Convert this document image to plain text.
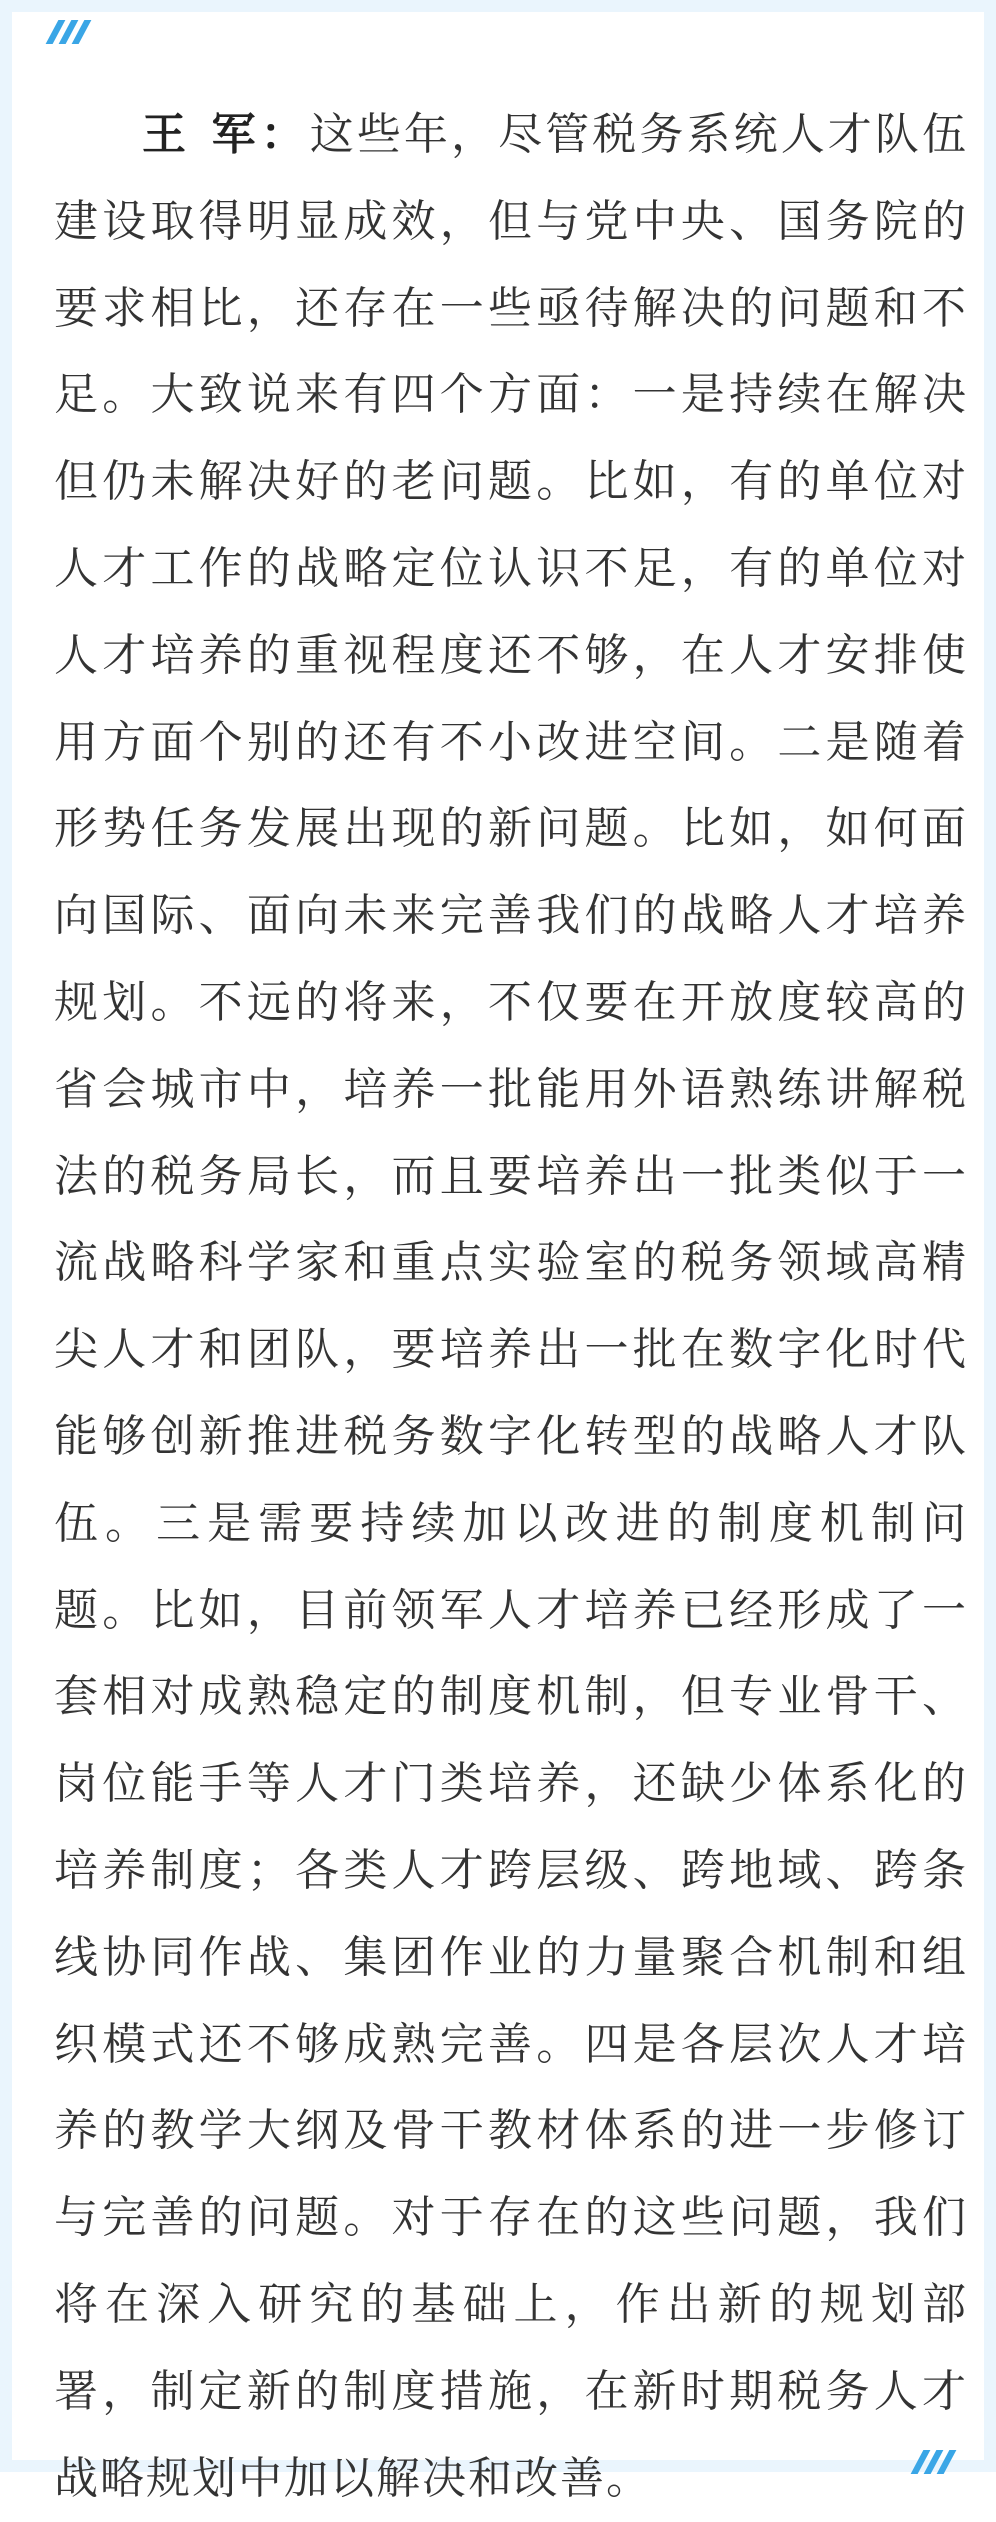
王 军：这些年，尽管税务系统人才队伍建设取得明显成效，但与党中央、国务院的要求相比，还存在一些亟待解决的问题和不足。大致说来有四个方面：一是持续在解决但仍未解决好的老问题。比如，有的单位对人才工作的战略定位认识不足，有的单位对人才培养的重视程度还不够，在人才安排使用方面个别的还有不小改进空间。二是随着形势任务发展出现的新问题。比如，如何面向国际、面向未来完善我们的战略人才培养规划。不远的将来，不仅要在开放度较高的省会城市中，培养一批能用外语熟练讲解税法的税务局长，而且要培养出一批类似于一流战略科学家和重点实验室的税务领域高精尖人才和团队，要培养出一批在数字化时代能够创新推进税务数字化转型的战略人才队伍。三是需要持续加以改进的制度机制问题。比如，目前领军人才培养已经形成了一套相对成熟稳定的制度机制，但专业骨干、岗位能手等人才门类培养，还缺少体系化的培养制度；各类人才跨层级、跨地域、跨条线协同作战、集团作业的力量聚合机制和组织模式还不够成熟完善。四是各层次人才培养的教学大纲及骨干教材体系的进一步修订与完善的问题。对于存在的这些问题，我们将在深入研究的基础上，作出新的规划部署，制定新的制度措施，在新时期税务人才战略规划中加以解决和改善。
